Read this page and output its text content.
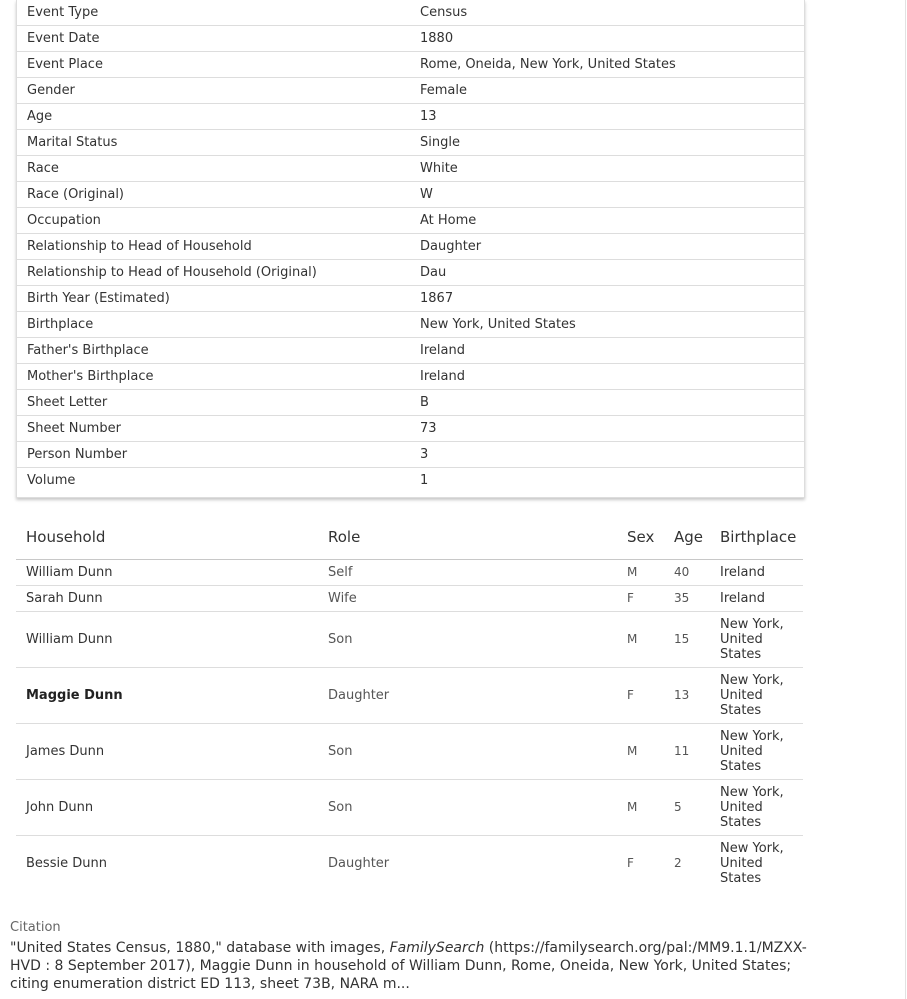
Event Type	Census
Event Date	1880
Event Place	Rome, Oneida, New York, United States
Gender	Female
Age	13
Marital Status	Single
Race	White
Race (Original)	W
Occupation	At Home
Relationship to Head of Household	Daughter
Relationship to Head of Household (Original)	Dau
Birth Year (Estimated)	1867
Birthplace	New York, United States
Father's Birthplace	Ireland
Mother's Birthplace	Ireland
Sheet Letter	B
Sheet Number	73
Person Number	3
Volume	1
Household	Role	Sex	Age	Birthplace
William Dunn	Self	M	40	Ireland
Sarah Dunn	Wife	F	35	Ireland
William Dunn	Son	M	15	New York, United States
Maggie Dunn	Daughter	F	13	New York, United States
James Dunn	Son	M	11	New York, United States
John Dunn	Son	M	5	New York, United States
Bessie Dunn	Daughter	F	2	New York, United States
Citation
"United States Census, 1880," database with images, FamilySearch (https://familysearch.org/pal:/MM9.1.1/MZXX-HVD : 8 September 2017), Maggie Dunn in household of William Dunn, Rome, Oneida, New York, United States; citing enumeration district ED 113, sheet 73B, NARA m...
